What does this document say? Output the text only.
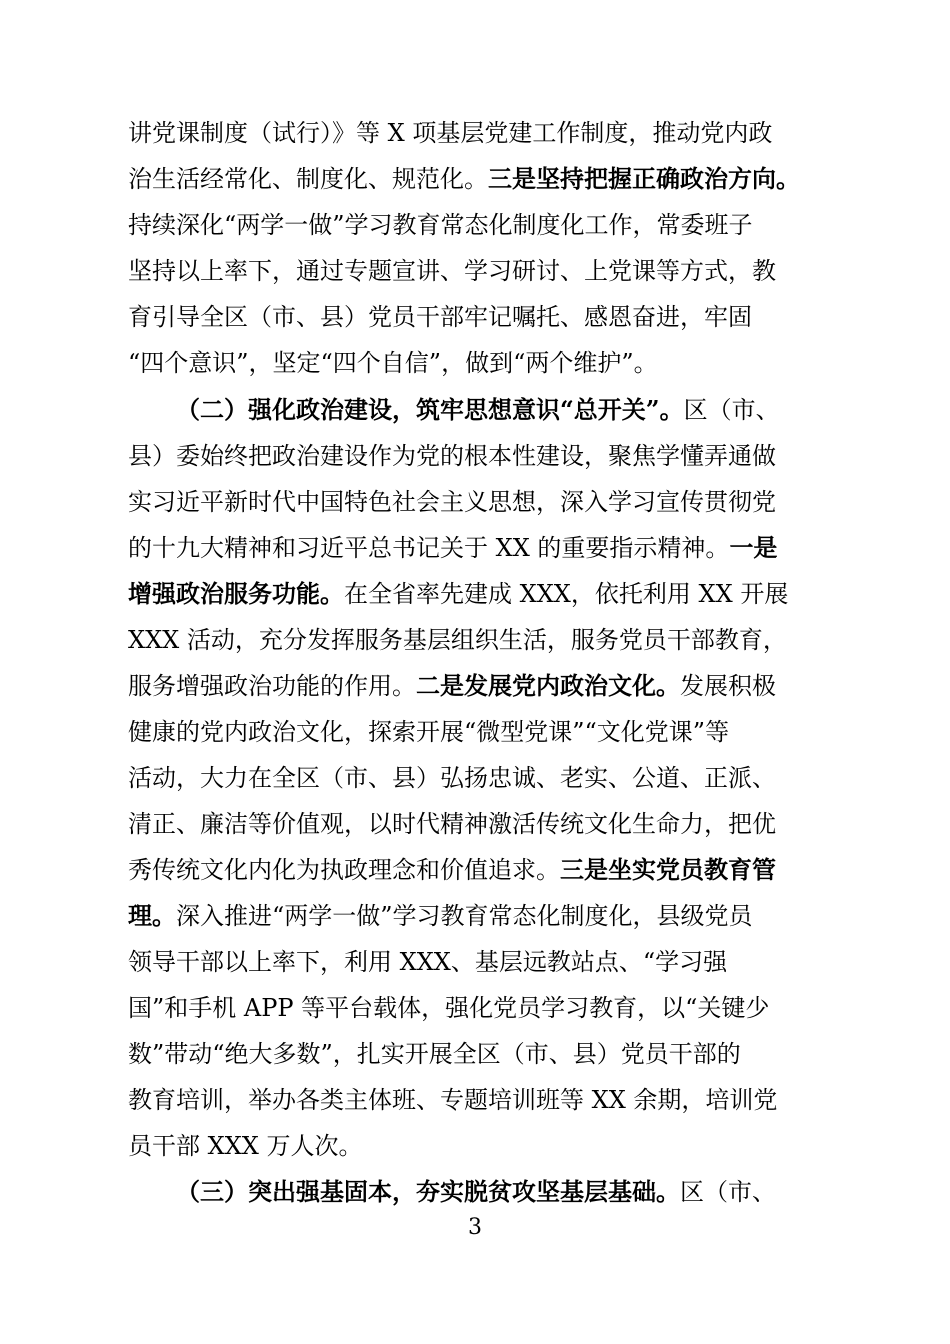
讲党课制度（试行）》等 X 项基层党建工作制度，推动党内政
治生活经常化、制度化、规范化。三是坚持把握正确政治方向。
持续深化“两学一做”学习教育常态化制度化工作，常委班子
坚持以上率下，通过专题宣讲、学习研讨、上党课等方式，教
育引导全区（市、县）党员干部牢记嘱托、感恩奋进，牢固
“四个意识”，坚定“四个自信”，做到“两个维护”。
（二）强化政治建设，筑牢思想意识“总开关”。区（市、
县）委始终把政治建设作为党的根本性建设，聚焦学懂弄通做
实习近平新时代中国特色社会主义思想，深入学习宣传贯彻党
的十九大精神和习近平总书记关于 XX 的重要指示精神。一是
增强政治服务功能。在全省率先建成 XXX，依托利用 XX 开展
XXX 活动，充分发挥服务基层组织生活，服务党员干部教育，
服务增强政治功能的作用。二是发展党内政治文化。发展积极
健康的党内政治文化，探索开展“微型党课”“文化党课”等
活动，大力在全区（市、县）弘扬忠诚、老实、公道、正派、
清正、廉洁等价值观，以时代精神激活传统文化生命力，把优
秀传统文化内化为执政理念和价值追求。三是坐实党员教育管
理。深入推进“两学一做”学习教育常态化制度化，县级党员
领导干部以上率下，利用 XXX、基层远教站点、“学习强
国”和手机 APP 等平台载体，强化党员学习教育，以“关键少
数”带动“绝大多数”，扎实开展全区（市、县）党员干部的
教育培训，举办各类主体班、专题培训班等 XX 余期，培训党
员干部 XXX 万人次。
（三）突出强基固本，夯实脱贫攻坚基层基础。区（市、
3
